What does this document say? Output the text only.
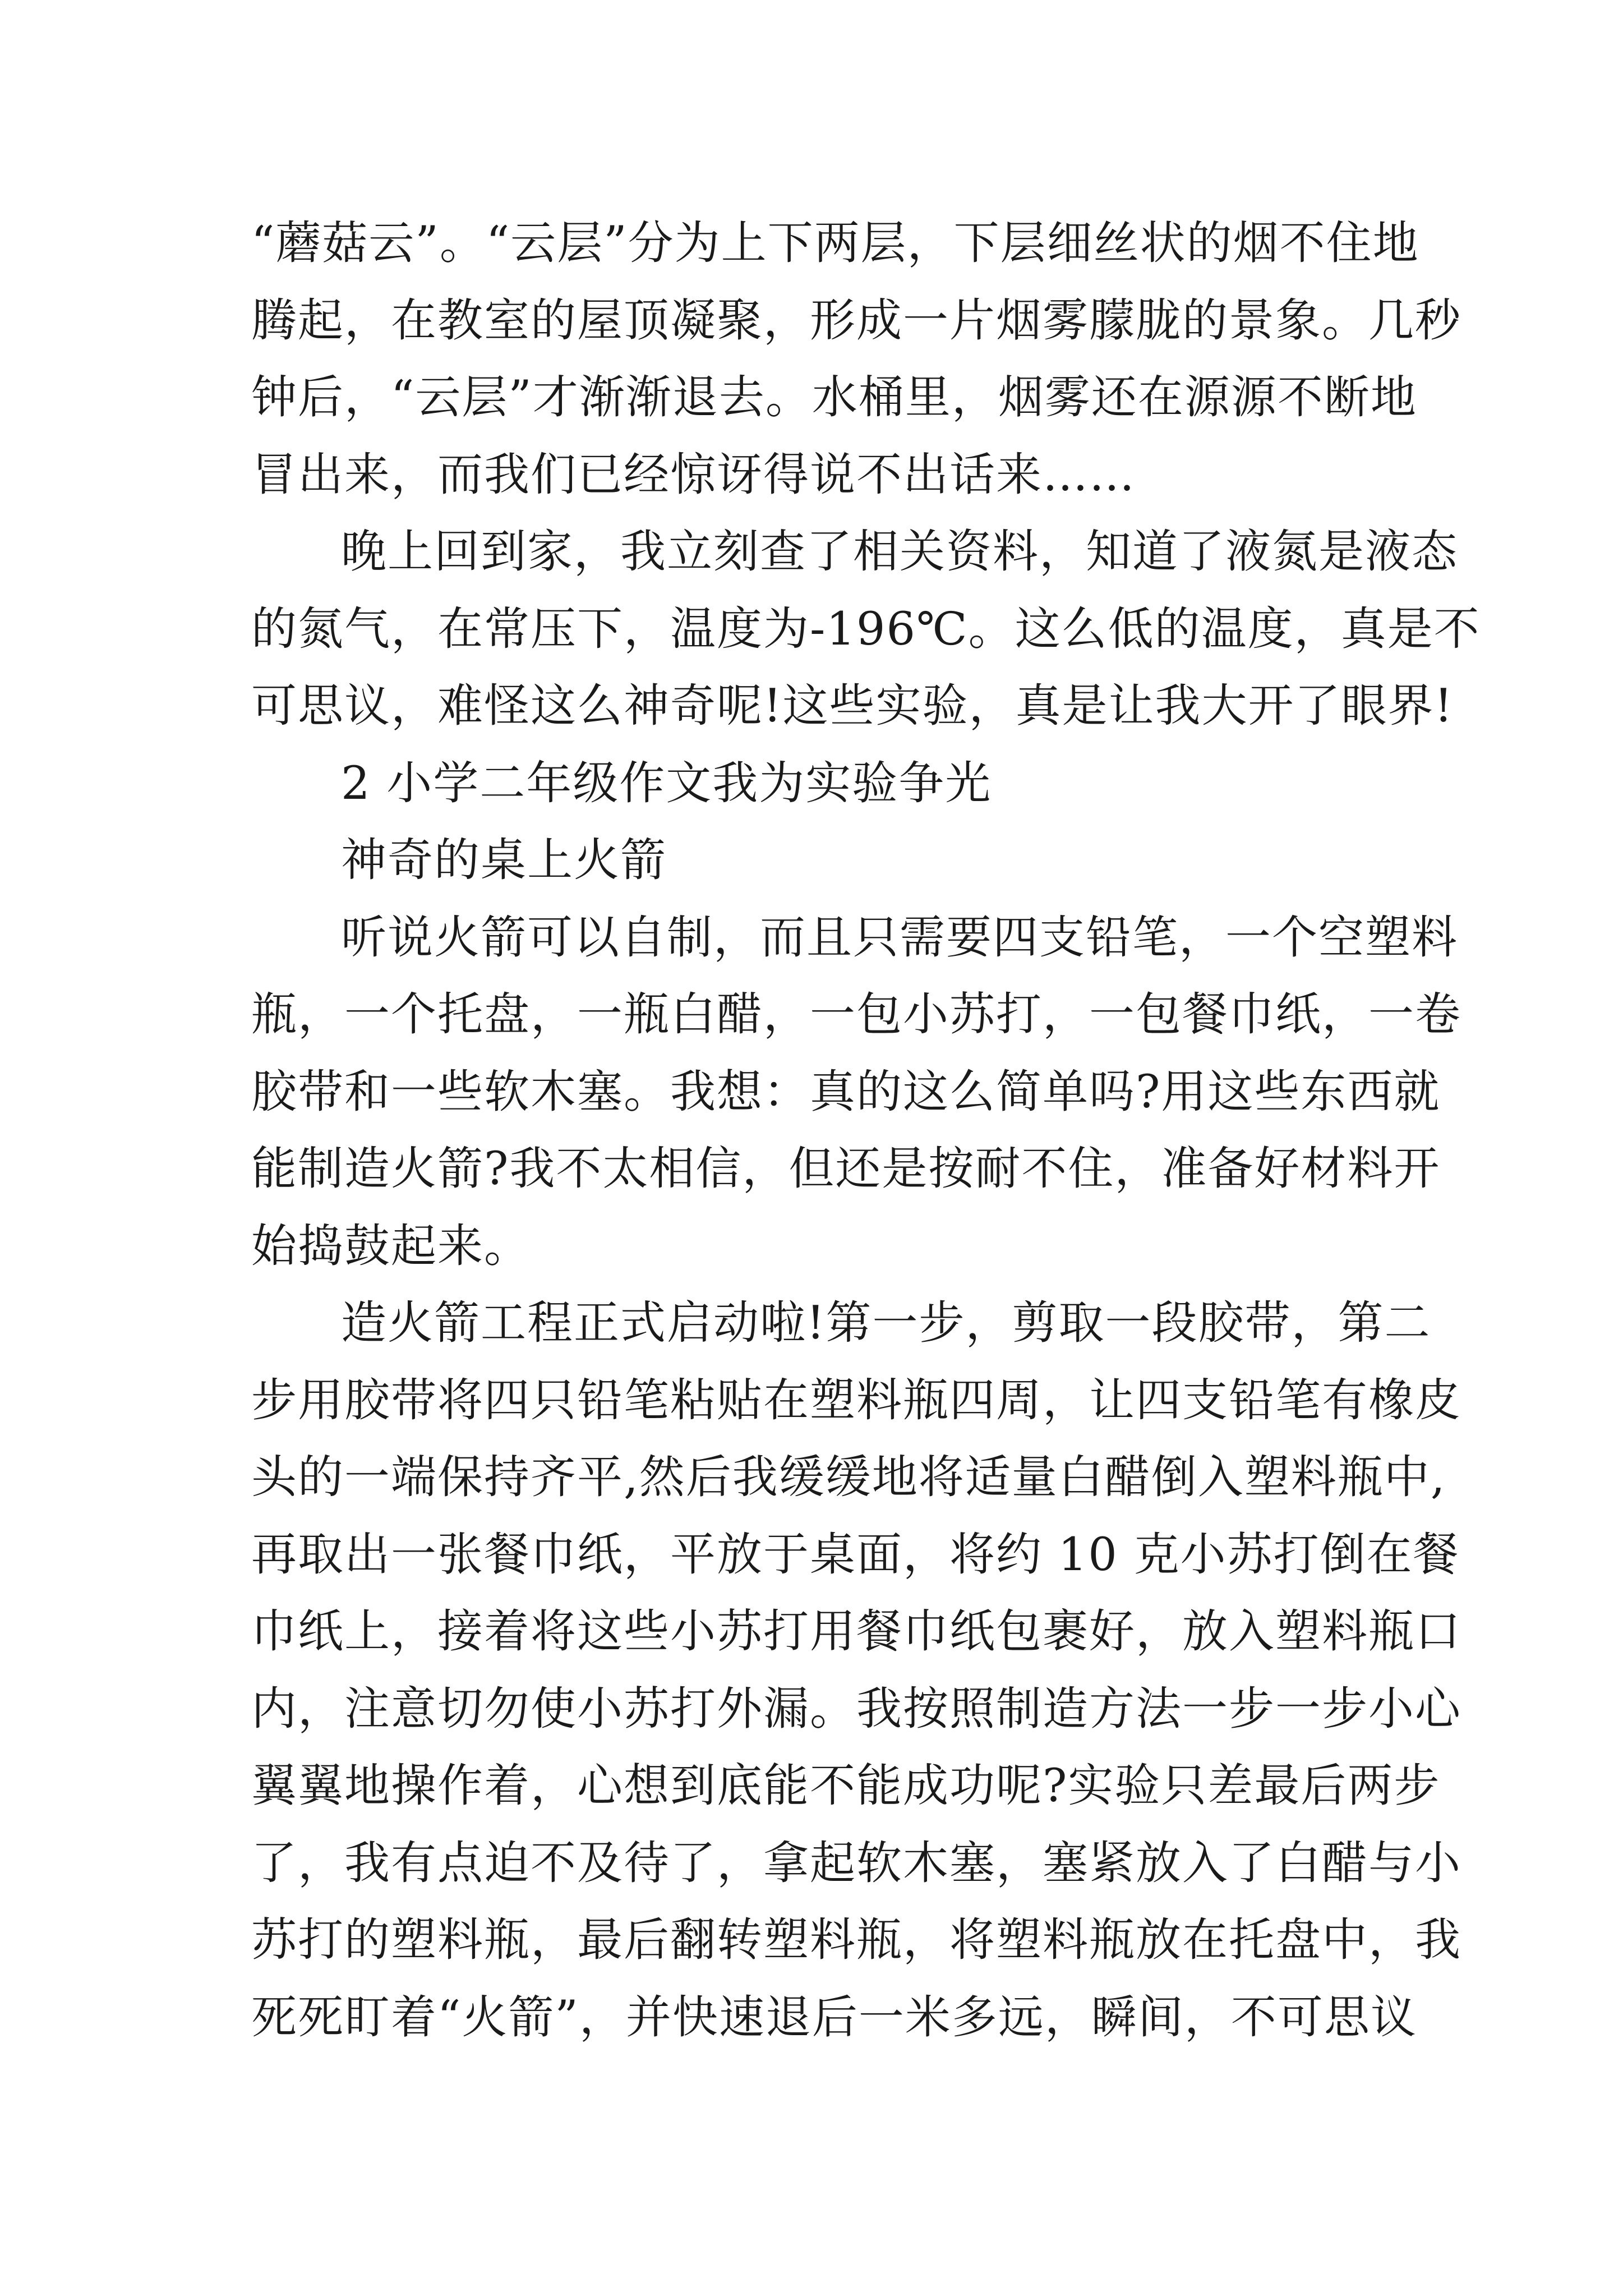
“蘑菇云”。“云层”分为上下两层，下层细丝状的烟不住地
腾起，在教室的屋顶凝聚，形成一片烟雾朦胧的景象。几秒
钟后，“云层”才渐渐退去。水桶里，烟雾还在源源不断地
冒出来，而我们已经惊讶得说不出话来……
晚上回到家，我立刻查了相关资料，知道了液氮是液态
的氮气，在常压下，温度为-196℃。这么低的温度，真是不
可思议，难怪这么神奇呢!这些实验，真是让我大开了眼界!
2 小学二年级作文我为实验争光
神奇的桌上火箭
听说火箭可以自制，而且只需要四支铅笔，一个空塑料
瓶，一个托盘，一瓶白醋，一包小苏打，一包餐巾纸，一卷
胶带和一些软木塞。我想：真的这么简单吗?用这些东西就
能制造火箭?我不太相信，但还是按耐不住，准备好材料开
始捣鼓起来。
造火箭工程正式启动啦!第一步，剪取一段胶带，第二
步用胶带将四只铅笔粘贴在塑料瓶四周，让四支铅笔有橡皮
头的一端保持齐平,然后我缓缓地将适量白醋倒入塑料瓶中,
再取出一张餐巾纸，平放于桌面，将约 10 克小苏打倒在餐
巾纸上，接着将这些小苏打用餐巾纸包裹好，放入塑料瓶口
内，注意切勿使小苏打外漏。我按照制造方法一步一步小心
翼翼地操作着，心想到底能不能成功呢?实验只差最后两步
了，我有点迫不及待了，拿起软木塞，塞紧放入了白醋与小
苏打的塑料瓶，最后翻转塑料瓶，将塑料瓶放在托盘中，我
死死盯着“火箭”，并快速退后一米多远，瞬间，不可思议
